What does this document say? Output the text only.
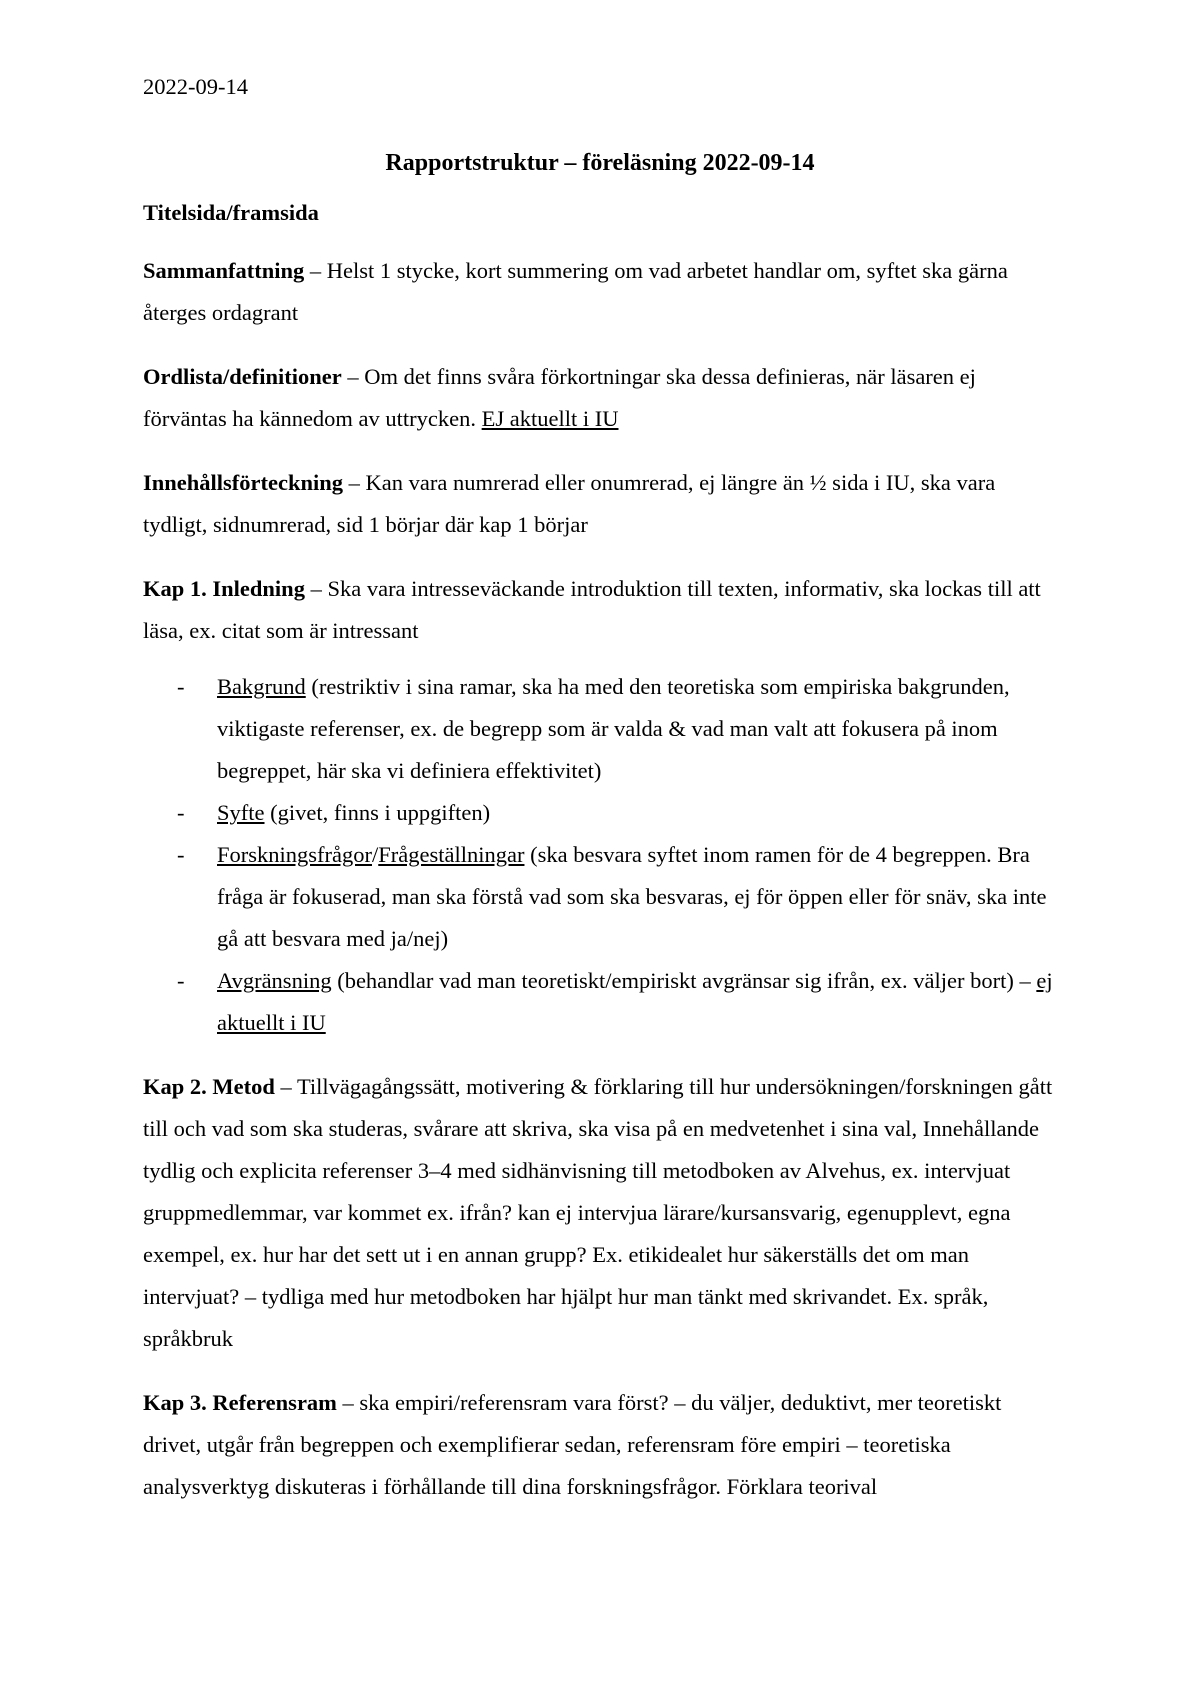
2022-09-14
Rapportstruktur – föreläsning 2022-09-14
Titelsida/framsida

Sammanfattning – Helst 1 stycke, kort summering om vad arbetet handlar om, syftet ska gärna återges ordagrant

Ordlista/definitioner – Om det finns svåra förkortningar ska dessa definieras, när läsaren ej förväntas ha kännedom av uttrycken. EJ aktuellt i IU

Innehållsförteckning – Kan vara numrerad eller onumrerad, ej längre än ½ sida i IU, ska vara tydligt, sidnumrerad, sid 1 börjar där kap 1 börjar

Kap 1. Inledning – Ska vara intresseväckande introduktion till texten, informativ, ska lockas till att läsa, ex. citat som är intressant

- Bakgrund (restriktiv i sina ramar, ska ha med den teoretiska som empiriska bakgrunden, viktigaste referenser, ex. de begrepp som är valda & vad man valt att fokusera på inom begreppet, här ska vi definiera effektivitet)
- Syfte (givet, finns i uppgiften)
- Forskningsfrågor/Frågeställningar (ska besvara syftet inom ramen för de 4 begreppen. Bra fråga är fokuserad, man ska förstå vad som ska besvaras, ej för öppen eller för snäv, ska inte gå att besvara med ja/nej)
- Avgränsning (behandlar vad man teoretiskt/empiriskt avgränsar sig ifrån, ex. väljer bort) – ej aktuellt i IU

Kap 2. Metod – Tillvägagångssätt, motivering & förklaring till hur undersökningen/forskningen gått till och vad som ska studeras, svårare att skriva, ska visa på en medvetenhet i sina val, Innehållande tydlig och explicita referenser 3–4 med sidhänvisning till metodboken av Alvehus, ex. intervjuat gruppmedlemmar, var kommet ex. ifrån? kan ej intervjua lärare/kursansvarig, egenupplevt, egna exempel, ex. hur har det sett ut i en annan grupp? Ex. etikidealet hur säkerställs det om man intervjuat? – tydliga med hur metodboken har hjälpt hur man tänkt med skrivandet. Ex. språk, språkbruk

Kap 3. Referensram – ska empiri/referensram vara först? – du väljer, deduktivt, mer teoretiskt drivet, utgår från begreppen och exemplifierar sedan, referensram före empiri – teoretiska analysverktyg diskuteras i förhållande till dina forskningsfrågor. Förklara teorival
